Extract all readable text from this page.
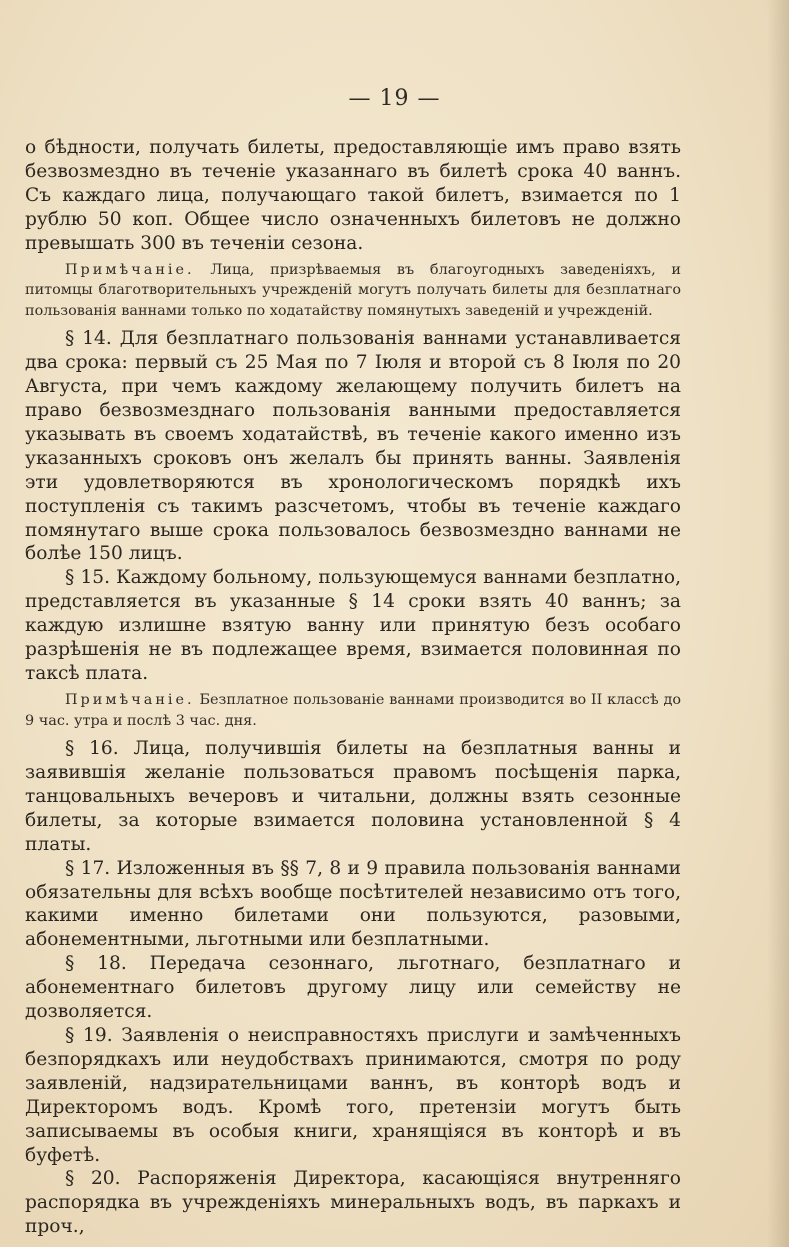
— 19 —

о бѣдности, получать билеты, предоставляющіе имъ право взять безвозмездно въ теченіе указаннаго въ билетѣ срока 40 ваннъ. Съ каждаго лица, получающаго такой билетъ, взимается по 1 рублю 50 коп. Общее число означенныхъ билетовъ не должно превышать 300 въ теченіи сезона.

Примѣчаніе. Лица, призрѣваемыя въ благоугодныхъ заведеніяхъ, и питомцы благотворительныхъ учрежденій могутъ получать билеты для безплатнаго пользованія ваннами только по ходатайству помянутыхъ заведеній и учрежденій.

§ 14. Для безплатнаго пользованія ваннами устанавливается два срока: первый съ 25 Мая по 7 Іюля и второй съ 8 Іюля по 20 Августа, при чемъ каждому желающему получить билетъ на право безвозмезднаго пользованія ванными предоставляется указывать въ своемъ ходатайствѣ, въ теченіе какого именно изъ указанныхъ сроковъ онъ желалъ бы принять ванны. Заявленія эти удовлетворяются въ хронологическомъ порядкѣ ихъ поступленія съ такимъ разсчетомъ, чтобы въ теченіе каждаго помянутаго выше срока пользовалось безвозмездно ваннами не болѣе 150 лицъ.

§ 15. Каждому больному, пользующемуся ваннами безплатно, представляется въ указанные § 14 сроки взять 40 ваннъ; за каждую излишне взятую ванну или принятую безъ особаго разрѣшенія не въ подлежащее время, взимается половинная по таксѣ плата.

Примѣчаніе. Безплатное пользованіе ваннами производится во II классѣ до 9 час. утра и послѣ 3 час. дня.

§ 16. Лица, получившія билеты на безплатныя ванны и заявившія желаніе пользоваться правомъ посѣщенія парка, танцовальныхъ вечеровъ и читальни, должны взять сезонные билеты, за которые взимается половина установленной § 4 платы.

§ 17. Изложенныя въ §§ 7, 8 и 9 правила пользованія ваннами обязательны для всѣхъ вообще посѣтителей независимо отъ того, какими именно билетами они пользуются, разовыми, абонементными, льготными или безплатными.

§ 18. Передача сезоннаго, льготнаго, безплатнаго и абонементнаго билетовъ другому лицу или семейству не дозволяется.

§ 19. Заявленія о неисправностяхъ прислуги и замѣченныхъ безпорядкахъ или неудобствахъ принимаются, смотря по роду заявленій, надзирательницами ваннъ, въ конторѣ водъ и Директоромъ водъ. Кромѣ того, претензіи могутъ быть записываемы въ особыя книги, хранящіяся въ конторѣ и въ буфетѣ.

§ 20. Распоряженія Директора, касающіяся внутренняго распорядка въ учрежденіяхъ минеральныхъ водъ, въ паркахъ и проч.,
